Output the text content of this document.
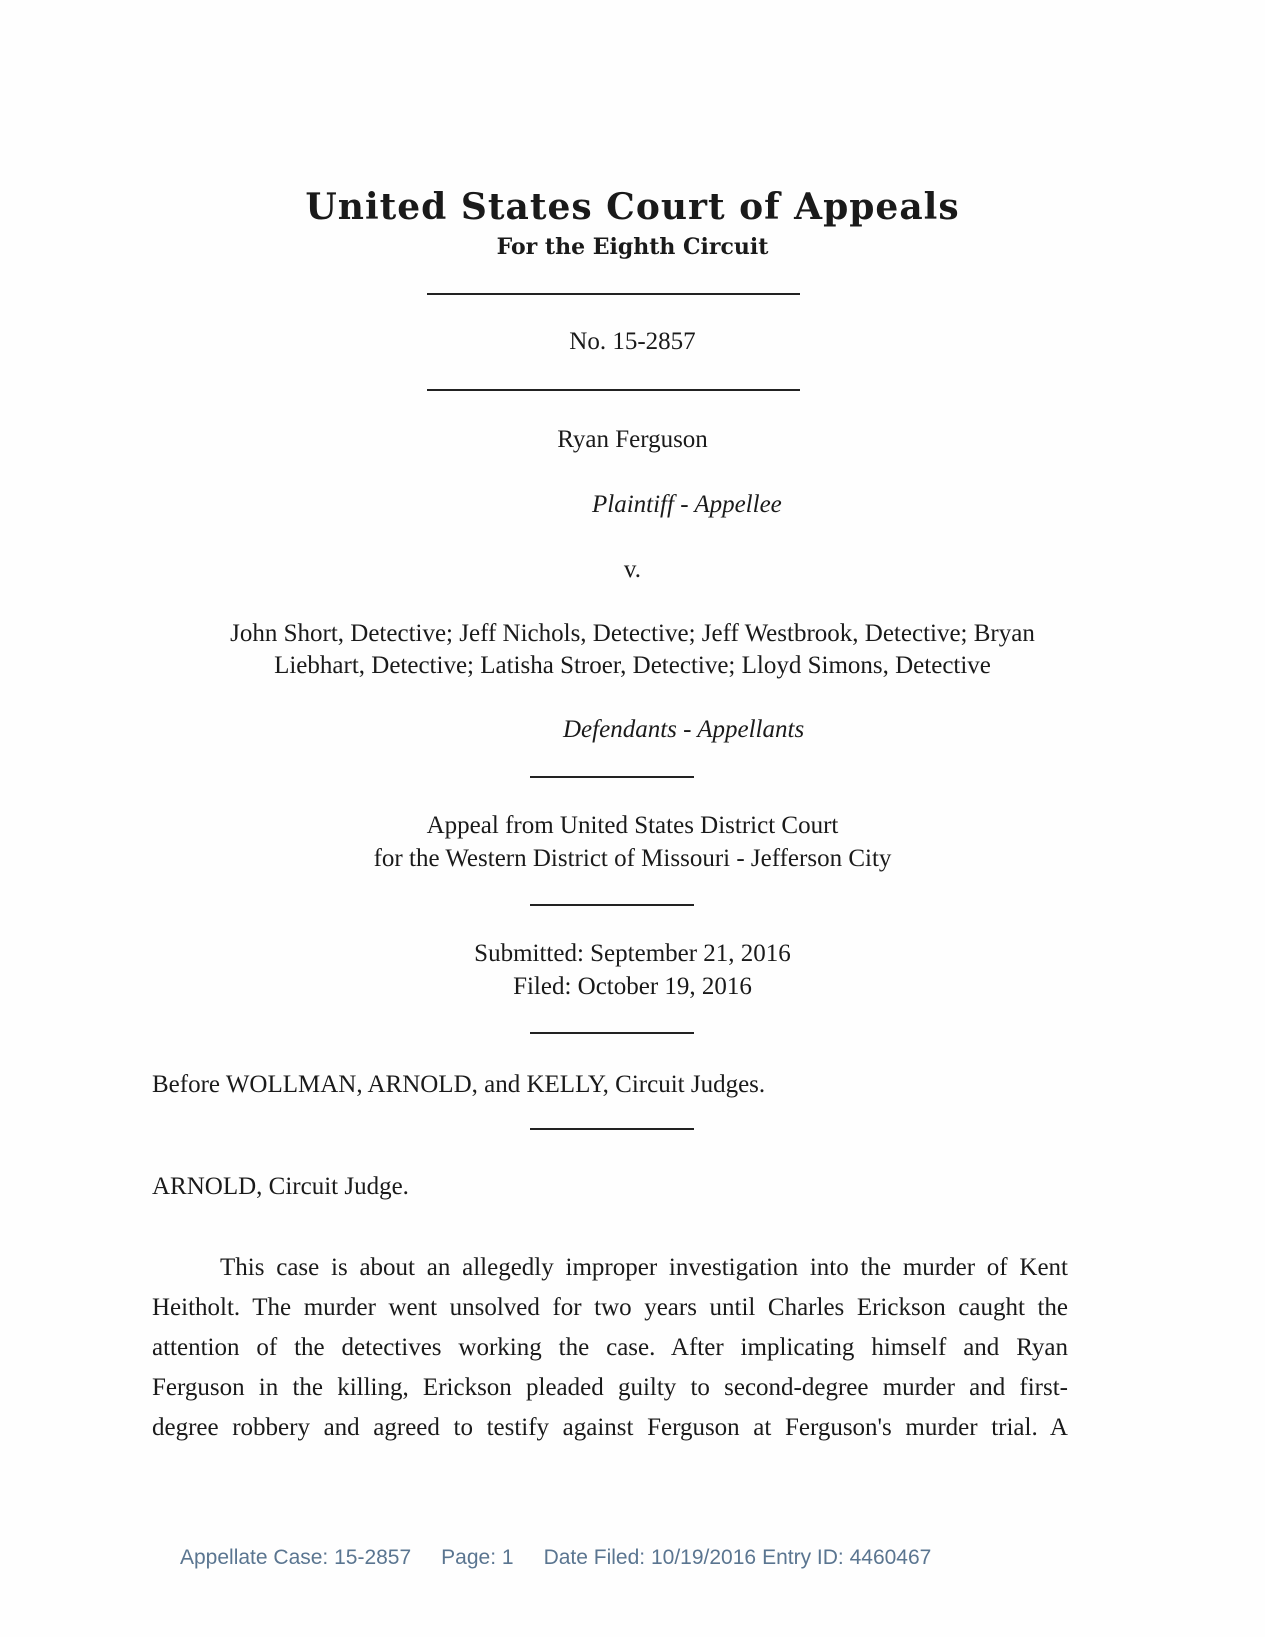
United States Court of Appeals
For the Eighth Circuit
No. 15-2857
Ryan Ferguson
Plaintiff - Appellee
v.
John Short, Detective; Jeff Nichols, Detective; Jeff Westbrook, Detective; Bryan
Liebhart, Detective; Latisha Stroer, Detective; Lloyd Simons, Detective
Defendants - Appellants
Appeal from United States District Court
for the Western District of Missouri - Jefferson City
Submitted: September 21, 2016
Filed: October 19, 2016
Before WOLLMAN, ARNOLD, and KELLY, Circuit Judges.
ARNOLD, Circuit Judge.
This case is about an allegedly improper investigation into the murder of Kent
Heitholt. The murder went unsolved for two years until Charles Erickson caught the
attention of the detectives working the case. After implicating himself and Ryan
Ferguson in the killing, Erickson pleaded guilty to second-degree murder and first-
degree robbery and agreed to testify against Ferguson at Ferguson's murder trial. A
Appellate Case: 15-2857 Page: 1 Date Filed: 10/19/2016 Entry ID: 4460467
